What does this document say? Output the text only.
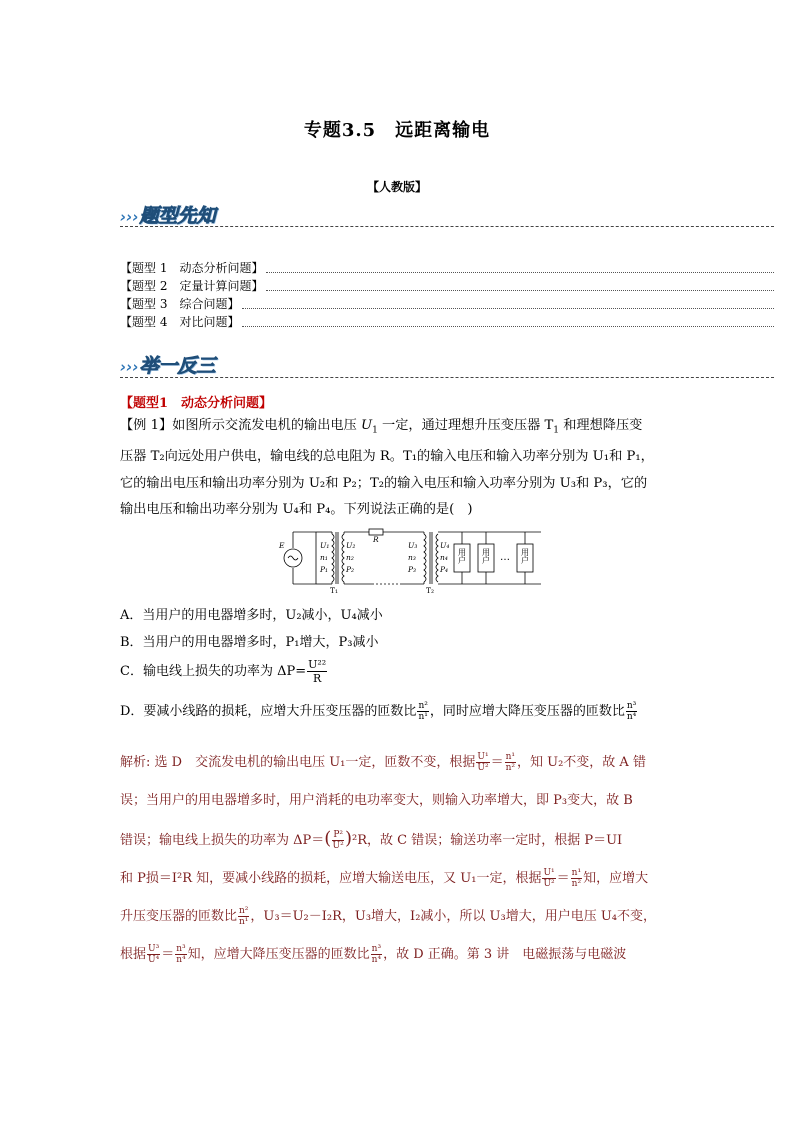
专题3.5　远距离输电
【人教版】
›››题型先知
【题型 1　动态分析问题】
【题型 2　定量计算问题】
【题型 3　综合问题】
【题型 4　对比问题】
›››举一反三
【题型1　动态分析问题】
【例 1】如图所示交流发电机的输出电压 $U_1$ 一定，通过理想升压变压器 $T_1$ 和理想降压变
压器 T₂向远处用户供电，输电线的总电阻为 R。T₁的输入电压和输入功率分别为 U₁和 P₁，
它的输出电压和输出功率分别为 U₂和 P₂；T₂的输入电压和输入功率分别为 U₃和 P₃，它的
输出电压和输出功率分别为 U₄和 P₄。下列说法正确的是(　)
E
R
U₁
n₁
P₁
U₂
n₂
P₂
U₃
n₃
P₃
U₄
n₄
P₄
T₁	T₂
用户 用户	用户
…
A．当用户的用电器增多时，U₂减小，U₄减小
B．当用户的用电器增多时，P₁增大，P₃减小
C．输电线上损失的功率为 $\Delta P= \frac{\text{U²²}}{R}$
D．要减小线路的损耗，应增大升压变压器的匝数比 $\frac{\text{n²}}{\text{n¹}}$ ，同时应增大降压变压器的匝数比 $\frac{\text{n³}}{\text{n⁴}}$
解析: 选 D　交流发电机的输出电压 U₁一定，匝数不变，根据 $\frac{\text{U¹}}{\text{U²}} = \frac{\text{n¹}}{\text{n²}}$ ，知 U₂不变，故 A 错
误；当用户的用电器增多时，用户消耗的电功率变大，则输入功率增大，即 P₃变大，故 B
错误；输电线上损失的功率为 $\Delta P=( \frac{\text{P²}}{\text{U²}} )^2R$，故 C 错误；输送功率一定时，根据 P＝UI
和 P损＝I²R 知，要减小线路的损耗，应增大输送电压，又 U₁一定，根据 $\frac{\text{U¹}}{\text{U²}} = \frac{\text{n¹}}{\text{n²}}$ 知，应增大
升压变压器的匝数比 $\frac{\text{n²}}{\text{n¹}}$ ，U₃＝U₂－I₂R，U₃增大，I₂减小，所以 U₃增大，用户电压 U₄不变，
根据 $\frac{\text{U³}}{\text{U⁴}} = \frac{\text{n³}}{\text{n⁴}}$ 知，应增大降压变压器的匝数比 $\frac{\text{n³}}{\text{n⁴}}$ ，故 D 正确。第 3 讲　电磁振荡与电磁波
